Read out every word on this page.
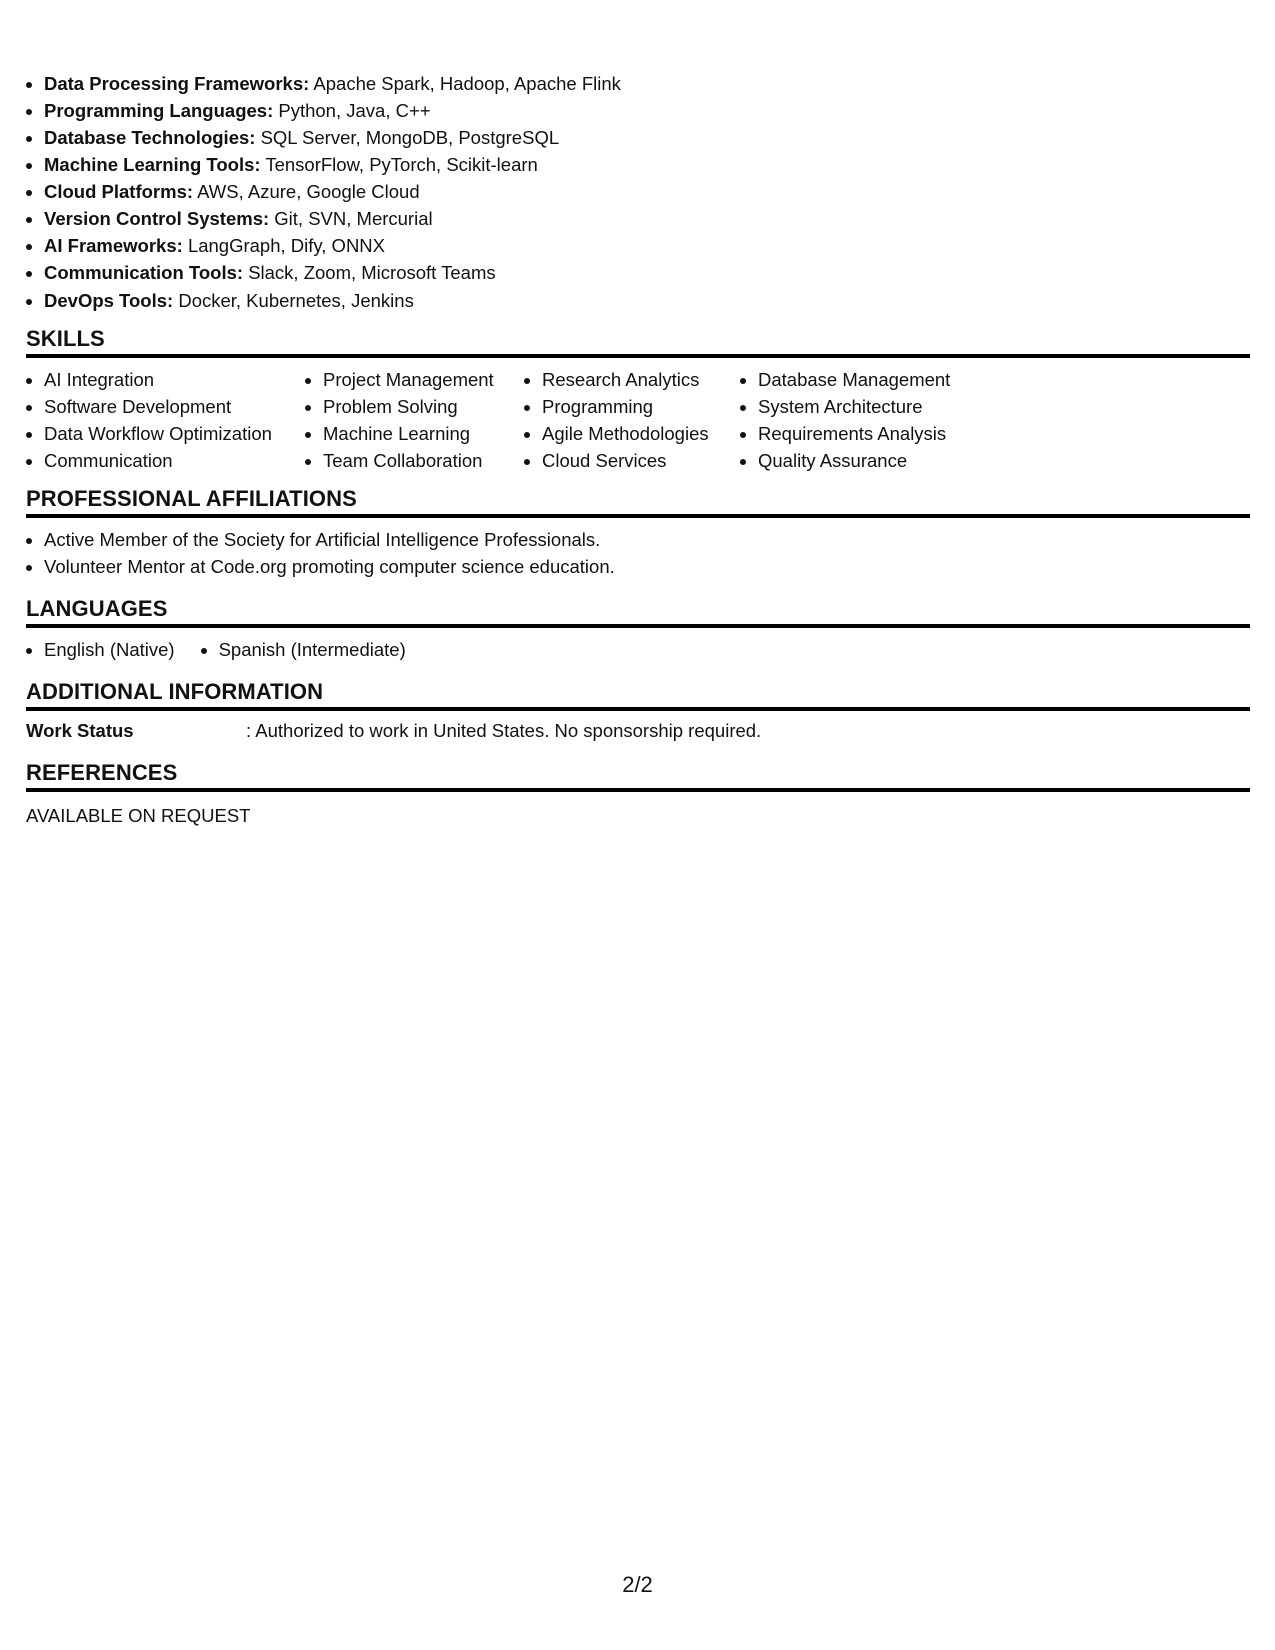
• Data Processing Frameworks: Apache Spark, Hadoop, Apache Flink
• Programming Languages: Python, Java, C++
• Database Technologies: SQL Server, MongoDB, PostgreSQL
• Machine Learning Tools: TensorFlow, PyTorch, Scikit-learn
• Cloud Platforms: AWS, Azure, Google Cloud
• Version Control Systems: Git, SVN, Mercurial
• AI Frameworks: LangGraph, Dify, ONNX
• Communication Tools: Slack, Zoom, Microsoft Teams
• DevOps Tools: Docker, Kubernetes, Jenkins
SKILLS
• AI Integration
• Software Development
• Data Workflow Optimization
• Communication
• Project Management
• Problem Solving
• Machine Learning
• Team Collaboration
• Research Analytics
• Programming
• Agile Methodologies
• Cloud Services
• Database Management
• System Architecture
• Requirements Analysis
• Quality Assurance
PROFESSIONAL AFFILIATIONS
• Active Member of the Society for Artificial Intelligence Professionals.
• Volunteer Mentor at Code.org promoting computer science education.
LANGUAGES
• English (Native)
• Spanish (Intermediate)
ADDITIONAL INFORMATION
Work Status	: Authorized to work in United States. No sponsorship required.
REFERENCES
AVAILABLE ON REQUEST
2/2
